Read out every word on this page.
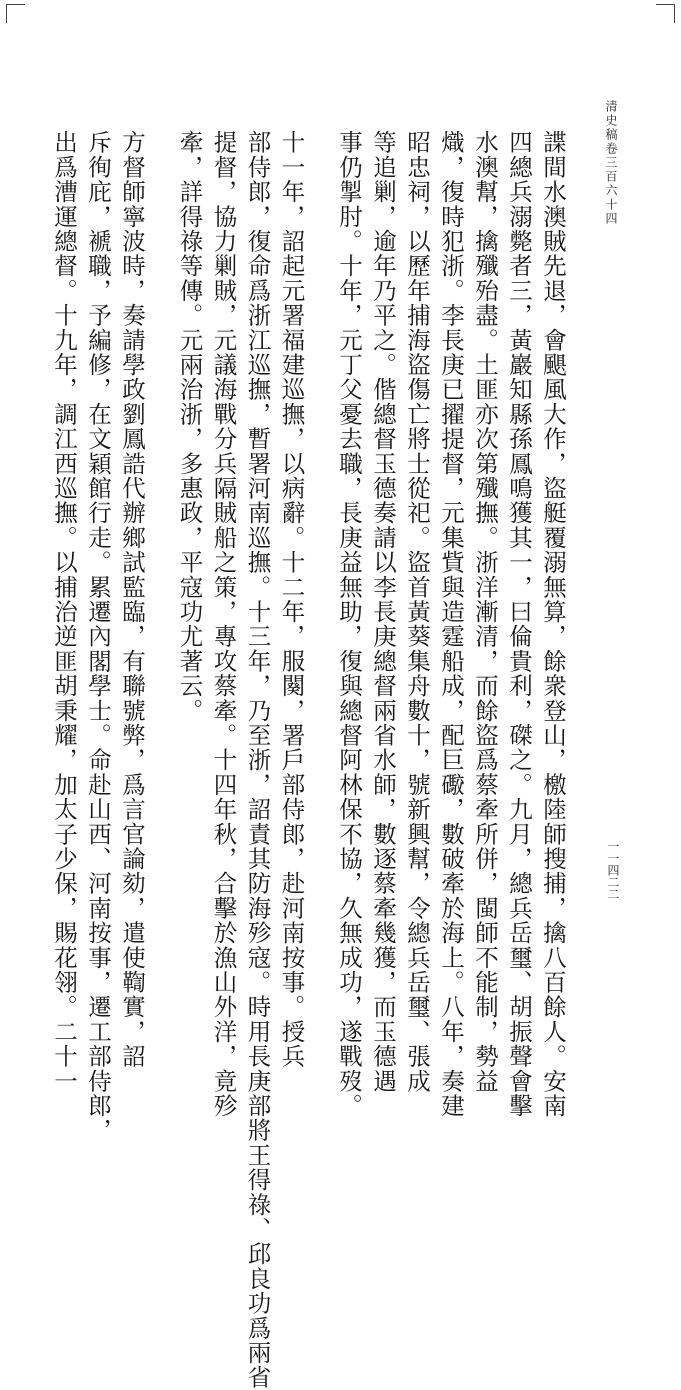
清史稿卷三百六十四
一一四二二
諜間水澳賊先退，會颶風大作，盜艇覆溺無算，餘衆登山，檄陸師搜捕，擒八百餘人。安南
四總兵溺斃者三，黃巖知縣孫鳳鳴獲其一，曰倫貴利，磔之。九月，總兵岳璽、胡振聲會擊
水澳幫，擒殲殆盡。土匪亦次第殲撫。浙洋漸清，而餘盜爲蔡牽所併，閩師不能制，勢益
熾，復時犯浙。李長庚已擢提督，元集貲與造霆船成，配巨礮，數破牽於海上。八年，奏建
昭忠祠，以歷年捕海盜傷亡將士從祀。盜首黃葵集舟數十，號新興幫，令總兵岳璽、張成
等追剿，逾年乃平之。偕總督玉德奏請以李長庚總督兩省水師，數逐蔡牽幾獲，而玉德遇
事仍掣肘。十年，元丁父憂去職，長庚益無助，復與總督阿林保不協，久無成功，遂戰歿。
十一年，詔起元署福建巡撫，以病辭。十二年，服闋，署戶部侍郎，赴河南按事。授兵
部侍郎，復命爲浙江巡撫，暫署河南巡撫。十三年，乃至浙，詔責其防海殄寇。時用長庚部將王得祿、邱良功爲兩省
提督，協力剿賊，元議海戰分兵隔賊船之策，專攻蔡牽。十四年秋，合擊於漁山外洋，竟殄
牽，詳得祿等傳。元兩治浙，多惠政，平寇功尤著云。
方督師寧波時，奏請學政劉鳳誥代辦鄉試監臨，有聯號弊，爲言官論劾，遣使鞫實，詔
斥徇庇，褫職，予編修，在文穎館行走。累遷內閣學士。命赴山西、河南按事，遷工部侍郎，
出爲漕運總督。十九年，調江西巡撫。以捕治逆匪胡秉耀，加太子少保，賜花翎。二十一
